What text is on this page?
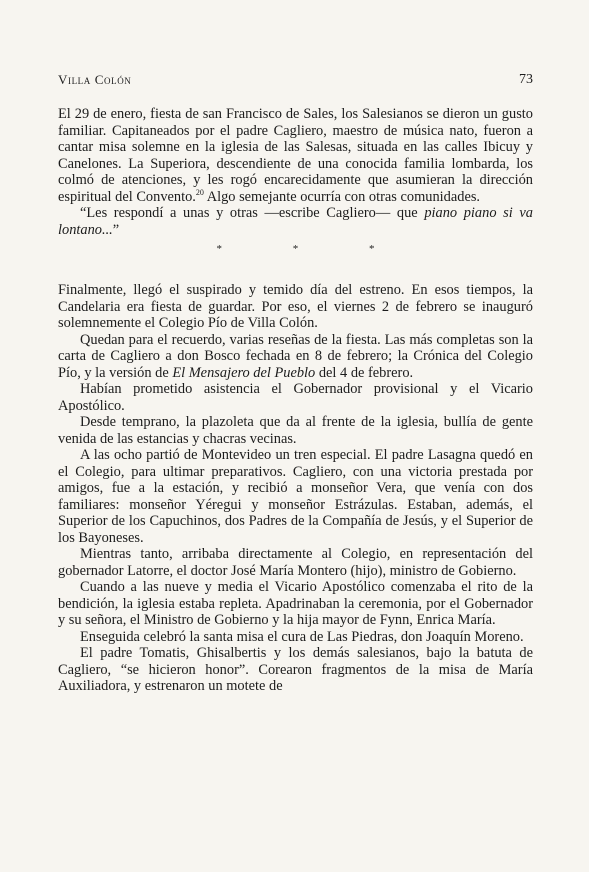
Villa Colón	73

El 29 de enero, fiesta de san Francisco de Sales, los Salesianos se dieron un gusto familiar. Capitaneados por el padre Cagliero, maestro de música nato, fueron a cantar misa solemne en la iglesia de las Salesas, situada en las calles Ibicuy y Canelones. La Superiora, descendiente de una conocida familia lombarda, los colmó de atenciones, y les rogó encarecidamente que asumieran la dirección espiritual del Convento.$^{20}$ Algo semejante ocurría con otras comunidades.

“Les respondí a unas y otras —escribe Cagliero— que piano piano si va lontano...”

* * *

Finalmente, llegó el suspirado y temido día del estreno. En esos tiempos, la Candelaria era fiesta de guardar. Por eso, el viernes 2 de febrero se inauguró solemnemente el Colegio Pío de Villa Colón.

Quedan para el recuerdo, varias reseñas de la fiesta. Las más completas son la carta de Cagliero a don Bosco fechada en 8 de febrero; la Crónica del Colegio Pío, y la versión de El Mensajero del Pueblo del 4 de febrero.

Habían prometido asistencia el Gobernador provisional y el Vicario Apostólico.

Desde temprano, la plazoleta que da al frente de la iglesia, bullía de gente venida de las estancias y chacras vecinas.

A las ocho partió de Montevideo un tren especial. El padre Lasagna quedó en el Colegio, para ultimar preparativos. Cagliero, con una victoria prestada por amigos, fue a la estación, y recibió a monseñor Vera, que venía con dos familiares: monseñor Yéregui y monseñor Estrázulas. Estaban, además, el Superior de los Capuchinos, dos Padres de la Compañía de Jesús, y el Superior de los Bayoneses.

Mientras tanto, arribaba directamente al Colegio, en representación del gobernador Latorre, el doctor José María Montero (hijo), ministro de Gobierno.

Cuando a las nueve y media el Vicario Apostólico comenzaba el rito de la bendición, la iglesia estaba repleta. Apadrinaban la ceremonia, por el Gobernador y su señora, el Ministro de Gobierno y la hija mayor de Fynn, Enrica María.

Enseguida celebró la santa misa el cura de Las Piedras, don Joaquín Moreno.

El padre Tomatis, Ghisalbertis y los demás salesianos, bajo la batuta de Cagliero, “se hicieron honor”. Corearon fragmentos de la misa de María Auxiliadora, y estrenaron un motete de
